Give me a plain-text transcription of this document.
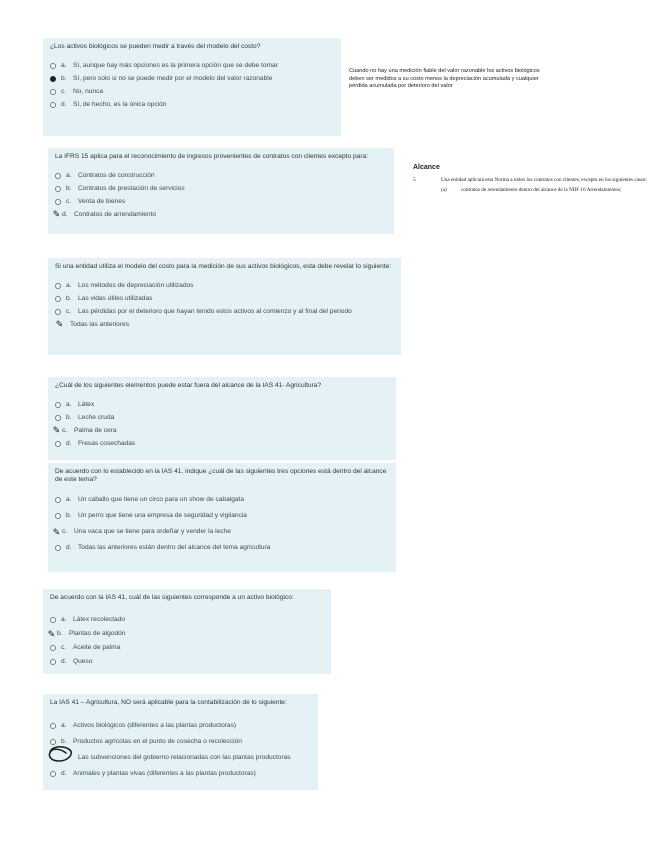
¿Los activos biológicos se pueden medir a través del modelo del costo?
a. Sí, aunque hay más opciones es la primera opción que se debe tomar
b. Sí, pero solo si no se puede medir por el modelo del valor razonable
c.	No, nunca
d. Sí, de hecho, es la única opción
Cuando no hay una medición fiable del valor razonable los activos biológicos deben ser medidos a su costo menos la depreciación acumulada y cualquier pérdida acumulada por deterioro del valor
La IFRS 15 aplica para el reconocimiento de ingresos provenientes de contratos con clientes excepto para:
a. Contratos de construcción
b. Contratos de prestación de servicios
c.	Venta de bienes
✎ d. Contratos de arrendamiento
Alcance
5	Una entidad aplicará esta Norma a todos los contratos con clientes, excepto en los siguientes casos:
(a)	contratos de arrendamiento dentro del alcance de la NIIF 16 Arrendamientos;
Si una entidad utiliza el modelo del costo para la medición de sus activos biológicos, esta debe revelar lo siguiente:
a. Los métodos de depreciación utilizados
b. Las vidas útiles utilizadas
c.	Las pérdidas por el deterioro que hayan tenido estos activos al comienzo y al final del periodo
✎	Todas las anteriores
¿Cuál de los siguientes elementos puede estar fuera del alcance de la IAS 41- Agricultura?
a. Látex
b. Leche cruda
✎ c.	Palma de cera
d. Fresas cosechadas
De acuerdo con lo establecido en la IAS 41, indique ¿cuál de las siguientes tres opciones está dentro del alcance de este tema?
a. Un caballo que tiene un circo para un show de cabalgata
b. Un perro que tiene una empresa de seguridad y vigilancia
✎ c.	Una vaca que se tiene para ordeñar y vender la leche
d. Todas las anteriores están dentro del alcance del tema agricultura
De acuerdo con la IAS 41, cuál de las siguientes corresponde a un activo biológico:
a. Látex recolectado
✎ b. Plantas de algodón
c.	Aceite de palma
d. Queso
La IAS 41 – Agricultura, NO será aplicable para la contabilización de lo siguiente:
a. Activos biológicos (diferentes a las plantas productoras)
b. Productos agrícolas en el punto de cosecha o recolección
Las subvenciones del gobierno relacionadas con las plantas productoras
d. Animales y plantas vivas (diferentes a las plantas productoras)
